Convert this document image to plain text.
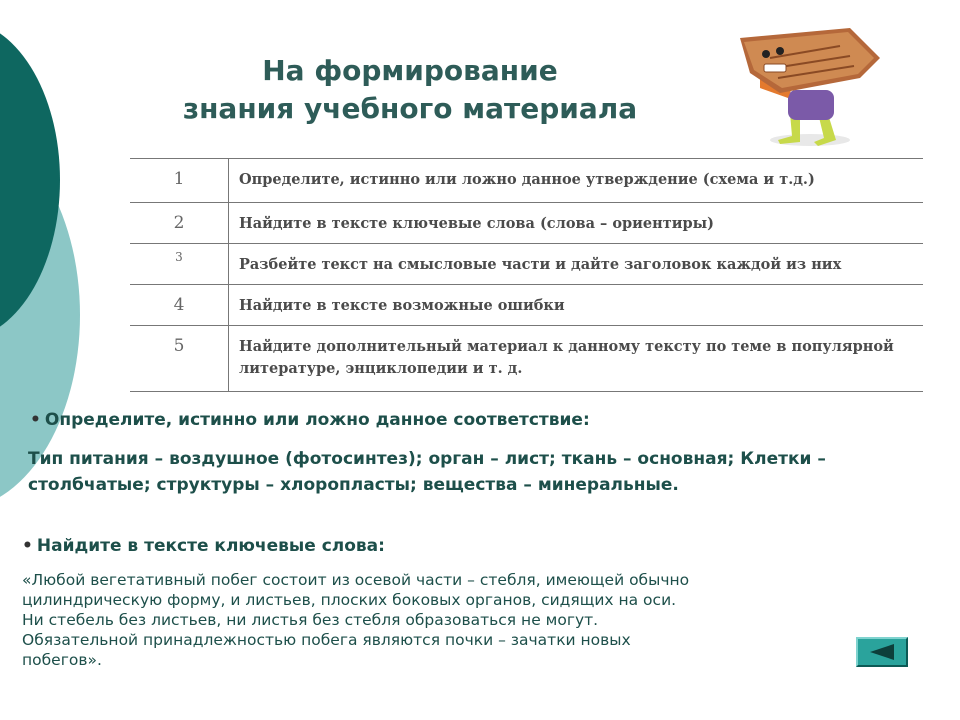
На формирование
знания учебного материала
1	Определите, истинно или ложно данное утверждение (схема и т.д.)
2	Найдите в тексте ключевые слова (слова – ориентиры)
3	Разбейте текст на смысловые части и дайте заголовок каждой из них
4	Найдите в тексте возможные ошибки
5	Найдите дополнительный материал к данному тексту по теме в популярной литературе, энциклопедии и т. д.
• Определите, истинно или ложно данное соответствие:
Тип питания – воздушное (фотосинтез); орган – лист; ткань – основная; Клетки – столбчатые; структуры – хлоропласты; вещества – минеральные.
• Найдите в тексте ключевые слова:
«Любой вегетативный побег состоит из осевой части – стебля, имеющей обычно
цилиндрическую форму, и листьев, плоских боковых органов, сидящих на оси.
Ни стебель без листьев, ни листья без стебля образоваться не могут.
Обязательной принадлежностью побега являются почки – зачатки новых
побегов».
